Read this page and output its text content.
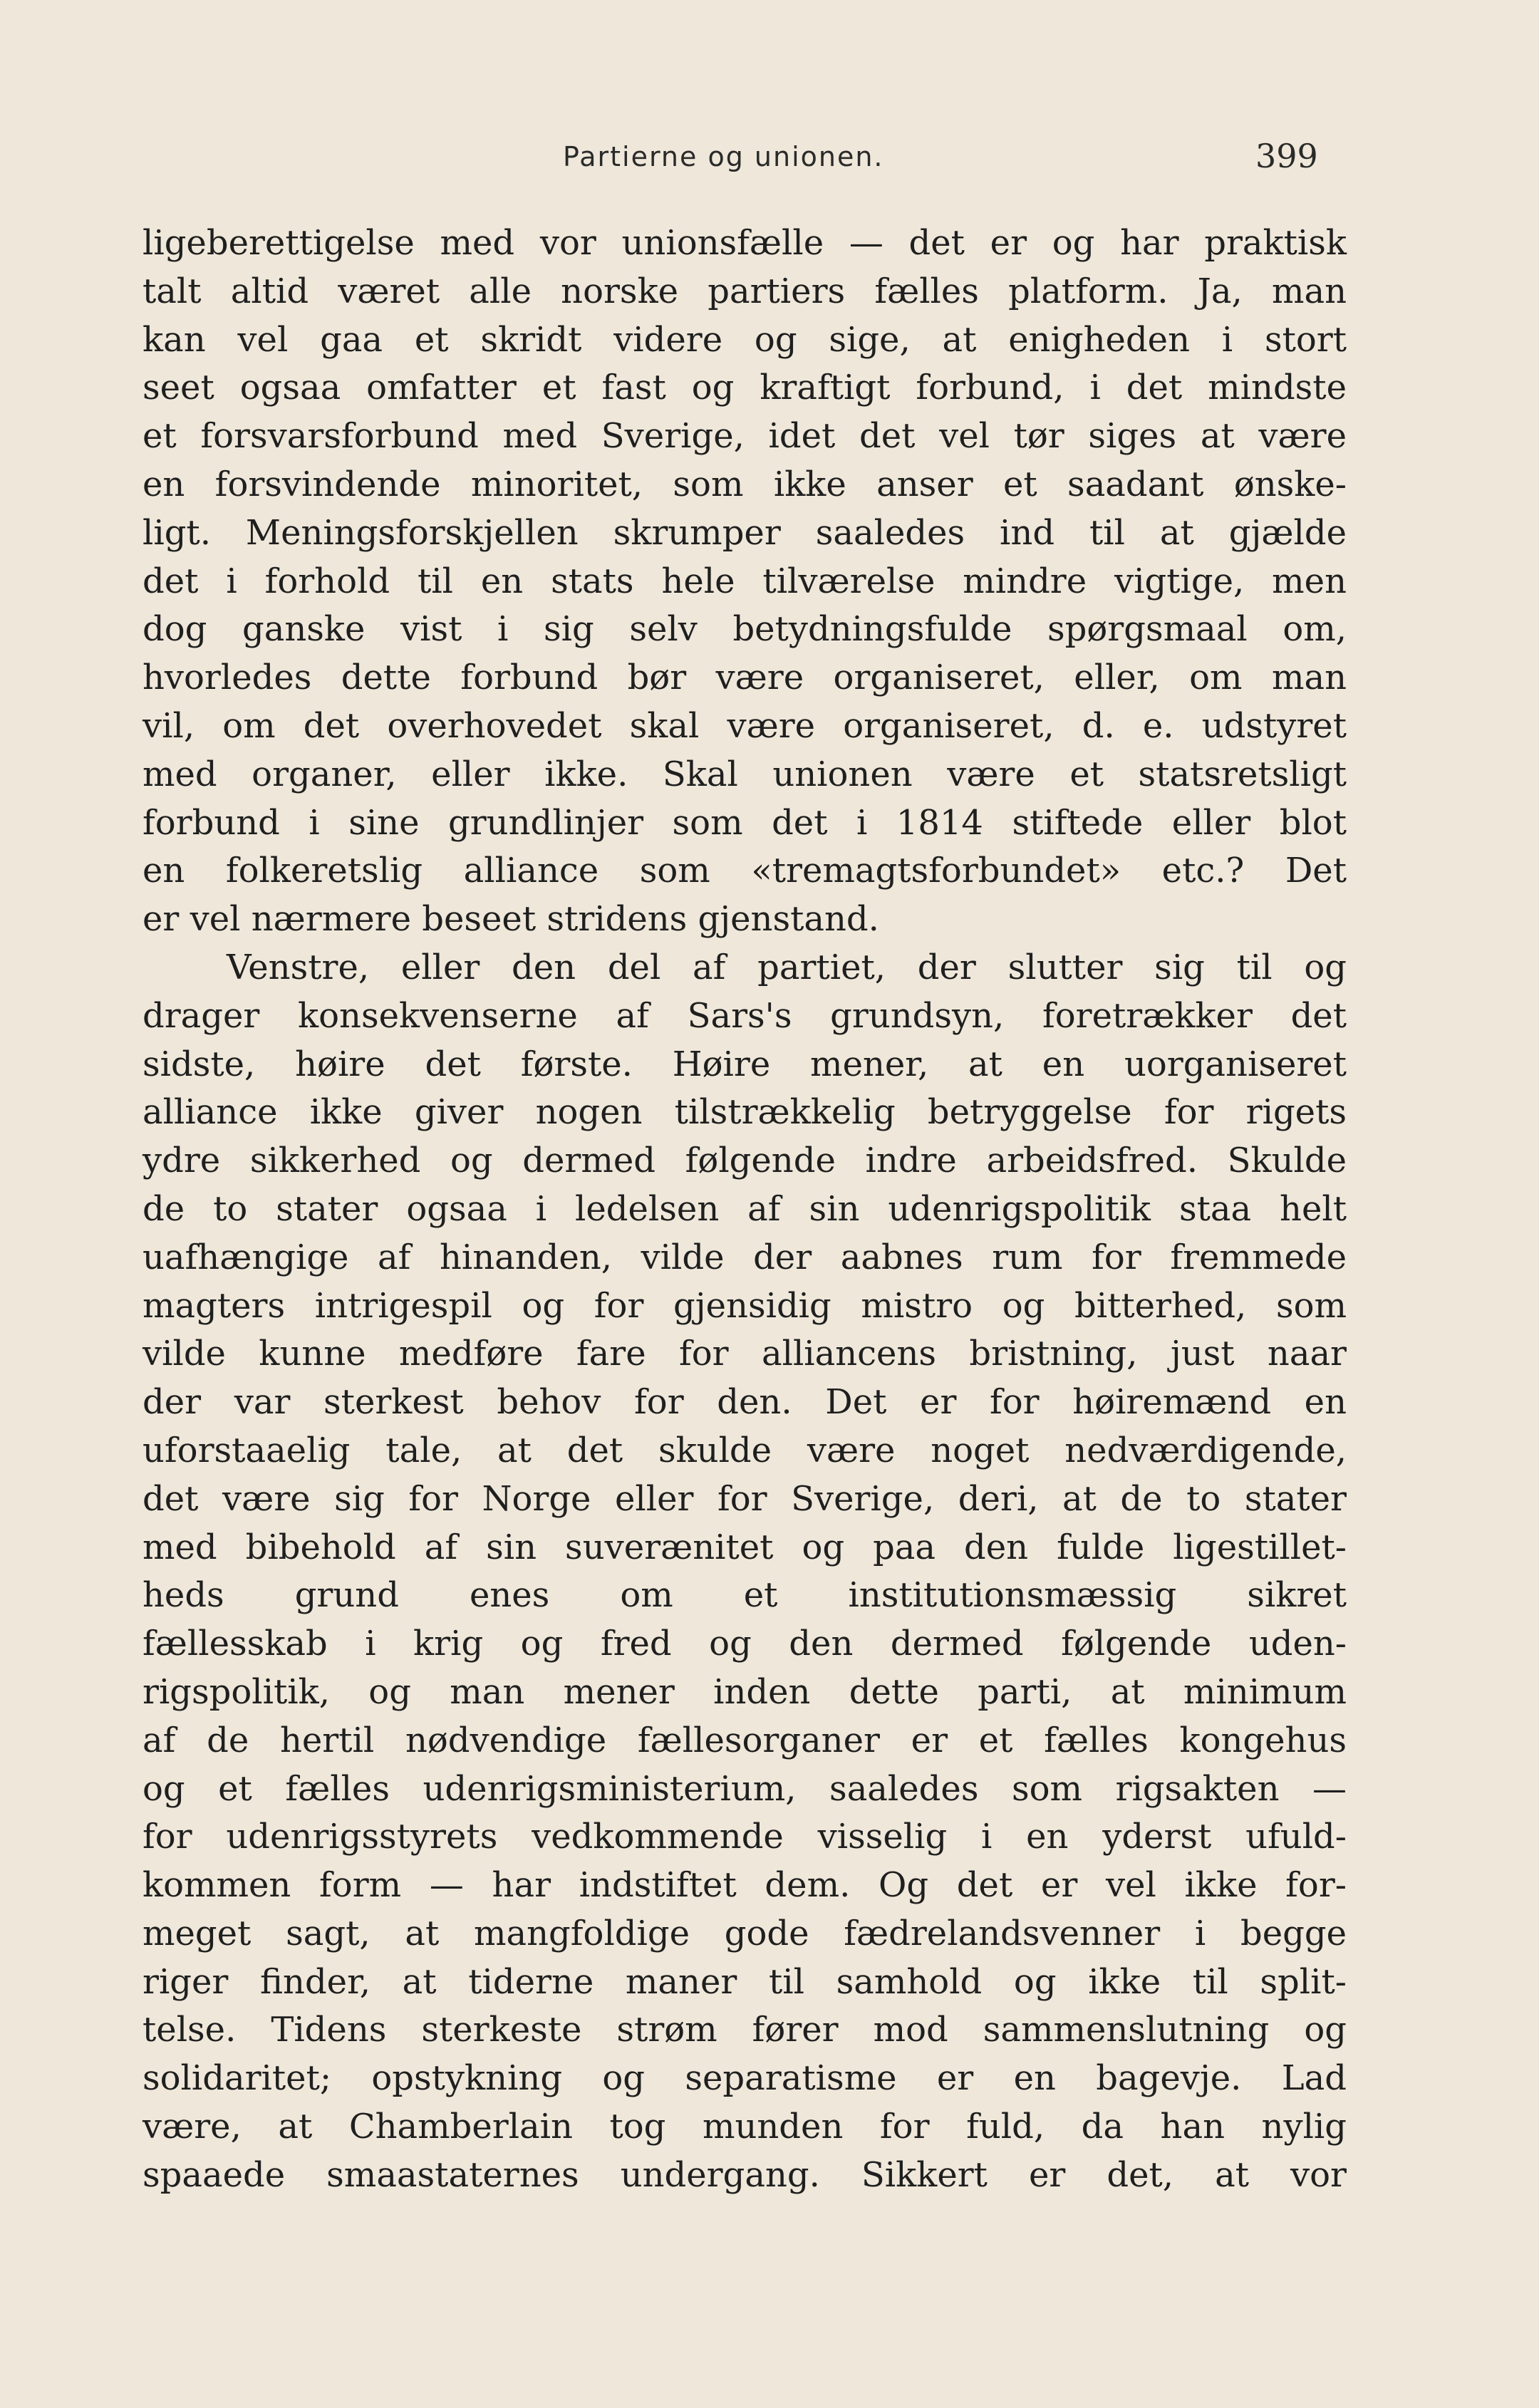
Partierne og unionen.	399
ligeberettigelse med vor unionsfælle — det er og har praktisk
talt altid været alle norske partiers fælles platform. Ja, man
kan vel gaa et skridt videre og sige, at enigheden i stort
seet ogsaa omfatter et fast og kraftigt forbund, i det mindste
et forsvarsforbund med Sverige, idet det vel tør siges at være
en forsvindende minoritet, som ikke anser et saadant ønske-
ligt. Meningsforskjellen skrumper saaledes ind til at gjælde
det i forhold til en stats hele tilværelse mindre vigtige, men
dog ganske vist i sig selv betydningsfulde spørgsmaal om,
hvorledes dette forbund bør være organiseret, eller, om man
vil, om det overhovedet skal være organiseret, d. e. udstyret
med organer, eller ikke. Skal unionen være et statsretsligt
forbund i sine grundlinjer som det i 1814 stiftede eller blot
en folkeretslig alliance som «tremagtsforbundet» etc.? Det
er vel nærmere beseet stridens gjenstand.
Venstre, eller den del af partiet, der slutter sig til og
drager konsekvenserne af Sars's grundsyn, foretrækker det
sidste, høire det første. Høire mener, at en uorganiseret
alliance ikke giver nogen tilstrækkelig betryggelse for rigets
ydre sikkerhed og dermed følgende indre arbeidsfred. Skulde
de to stater ogsaa i ledelsen af sin udenrigspolitik staa helt
uafhængige af hinanden, vilde der aabnes rum for fremmede
magters intrigespil og for gjensidig mistro og bitterhed, som
vilde kunne medføre fare for alliancens bristning, just naar
der var sterkest behov for den. Det er for høiremænd en
uforstaaelig tale, at det skulde være noget nedværdigende,
det være sig for Norge eller for Sverige, deri, at de to stater
med bibehold af sin suverænitet og paa den fulde ligestillet-
heds grund enes om et institutionsmæssig sikret
fællesskab i krig og fred og den dermed følgende uden-
rigspolitik, og man mener inden dette parti, at minimum
af de hertil nødvendige fællesorganer er et fælles kongehus
og et fælles udenrigsministerium, saaledes som rigsakten —
for udenrigsstyrets vedkommende visselig i en yderst ufuld-
kommen form — har indstiftet dem. Og det er vel ikke for-
meget sagt, at mangfoldige gode fædrelandsvenner i begge
riger finder, at tiderne maner til samhold og ikke til split-
telse. Tidens sterkeste strøm fører mod sammenslutning og
solidaritet; opstykning og separatisme er en bagevje. Lad
være, at Chamberlain tog munden for fuld, da han nylig
spaaede smaastaternes undergang. Sikkert er det, at vor
